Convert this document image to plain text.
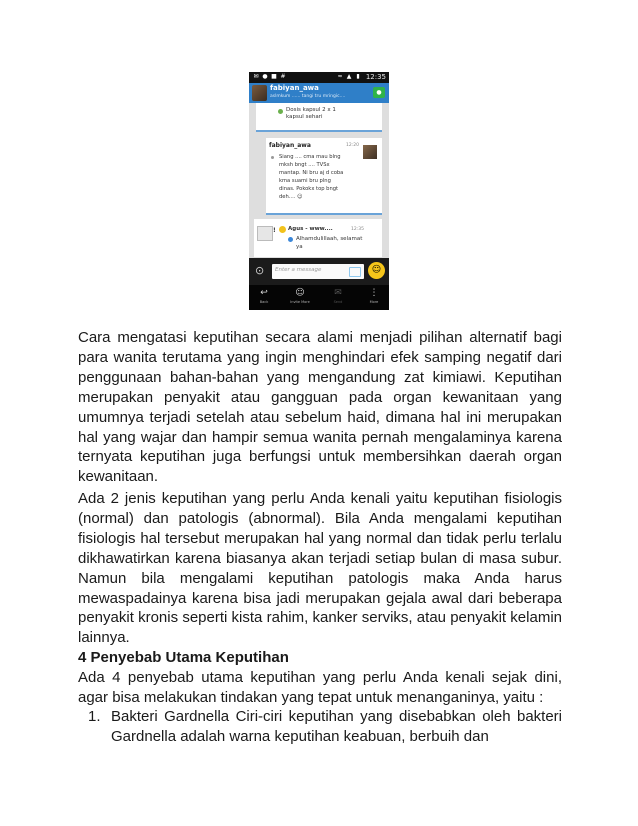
✉ ● ■ #	≈ ▲ ▮ 12:35
fabiyan_awa
aslmkum ...... tangi tru mringic....
●
Dosis kapsul 2 x 1
kapsul sehari
fabiyan_awa	12:20

Siang .... cma mau blng

mksh bngt .... TVSx

mantap. Ni bru aj d coba

kma suami bru plng

dinas. Pokokx top bngt

deh.... ☺

! Agus - www....	12:35
Alhamdulillaah, selamat
ya
⊙ Enter a message	☺
↩
Back
☺
Invite More
✉
Send
⋮
More

Cara mengatasi keputihan secara alami menjadi pilihan alternatif bagi para wanita terutama yang ingin menghindari efek samping negatif dari penggunaan bahan-bahan yang mengandung zat kimiawi. Keputihan merupakan penyakit atau gangguan pada organ kewanitaan yang umumnya terjadi setelah atau sebelum haid, dimana hal ini merupakan hal yang wajar dan hampir semua wanita pernah mengalaminya karena ternyata keputihan juga berfungsi untuk membersihkan daerah organ kewanitaan.

Ada 2 jenis keputihan yang perlu Anda kenali yaitu keputihan fisiologis (normal) dan patologis (abnormal). Bila Anda mengalami keputihan fisiologis hal tersebut merupakan hal yang normal dan tidak perlu terlalu dikhawatirkan karena biasanya akan terjadi setiap bulan di masa subur. Namun bila mengalami keputihan patologis maka Anda harus mewaspadainya karena bisa jadi merupakan gejala awal dari beberapa penyakit kronis seperti kista rahim, kanker serviks, atau penyakit kelamin lainnya.

4 Penyebab Utama Keputihan

Ada 4 penyebab utama keputihan yang perlu Anda kenali sejak dini, agar bisa melakukan tindakan yang tepat untuk menanganinya, yaitu :

1. Bakteri Gardnella Ciri-ciri keputihan yang disebabkan oleh bakteri Gardnella adalah warna keputihan keabuan, berbuih dan
